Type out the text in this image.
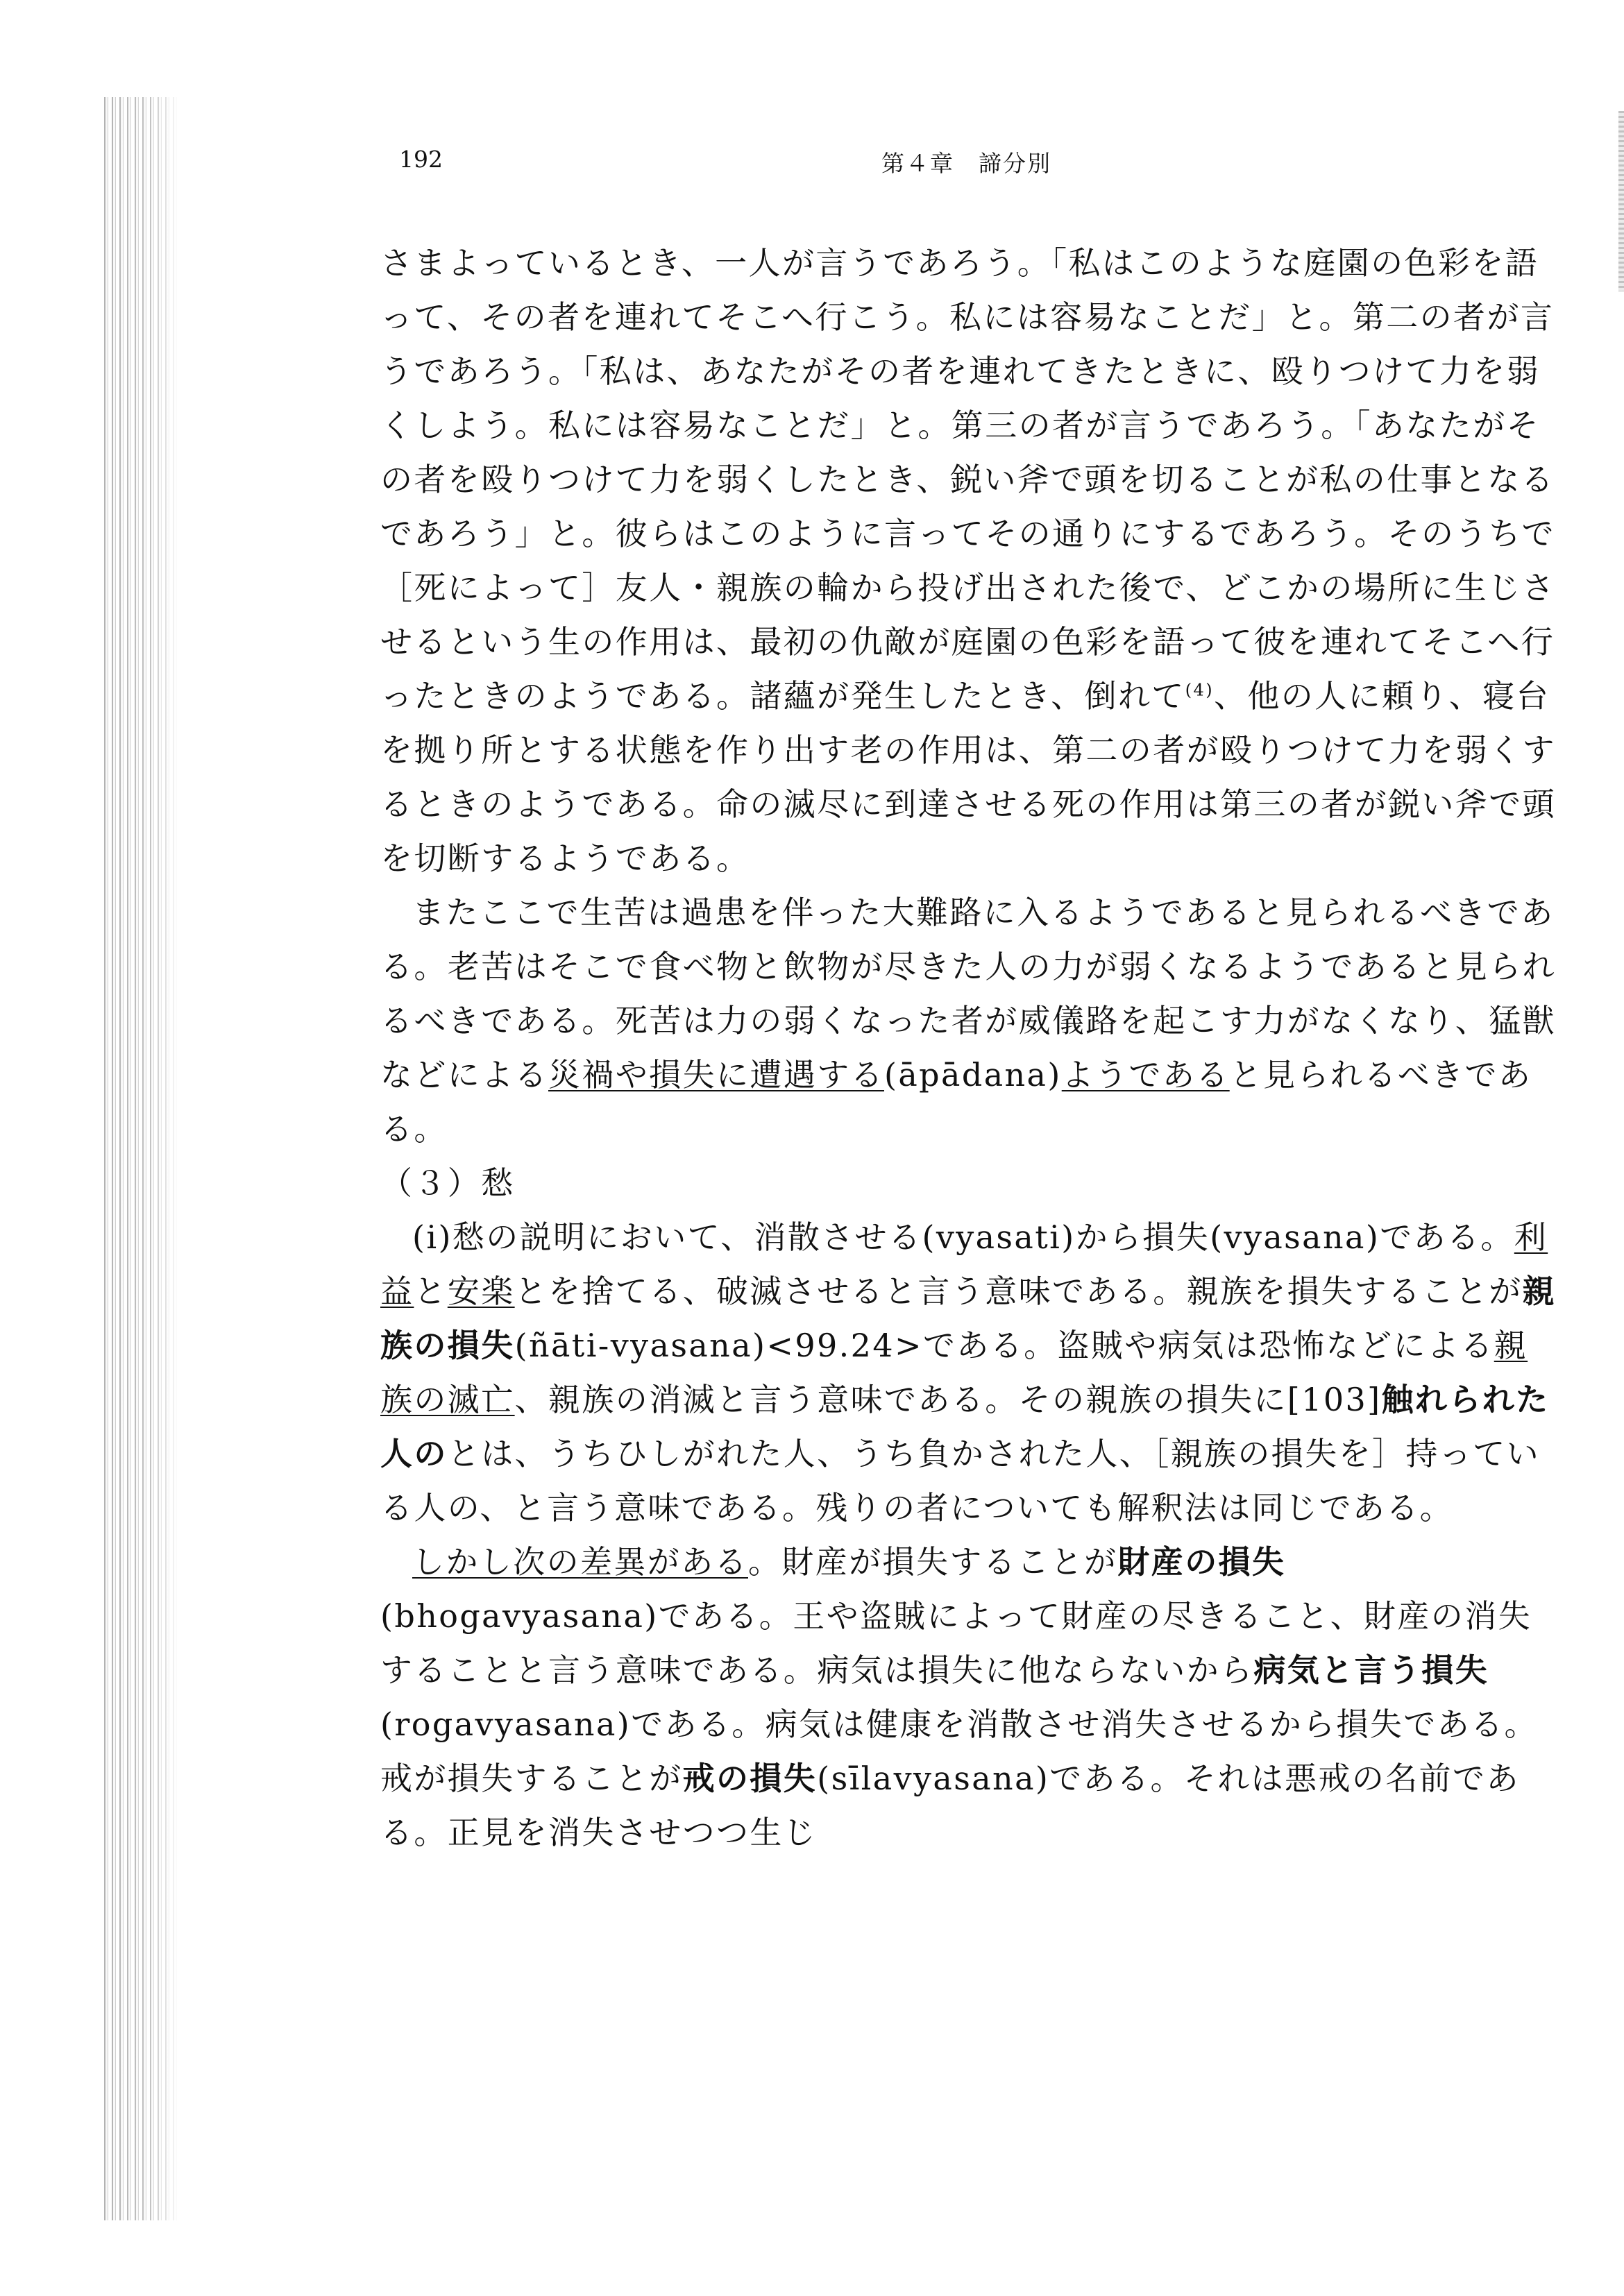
192	第４章　諦分別

さまよっているとき、一人が言うであろう。「私はこのような庭園の色彩を語って、その者を連れてそこへ行こう。私には容易なことだ」と。第二の者が言うであろう。「私は、あなたがその者を連れてきたときに、殴りつけて力を弱くしよう。私には容易なことだ」と。第三の者が言うであろう。「あなたがその者を殴りつけて力を弱くしたとき、鋭い斧で頭を切ることが私の仕事となるであろう」と。彼らはこのように言ってその通りにするであろう。そのうちで［死によって］友人・親族の輪から投げ出された後で、どこかの場所に生じさせるという生の作用は、最初の仇敵が庭園の色彩を語って彼を連れてそこへ行ったときのようである。諸蘊が発生したとき、倒れて$^{(4)}$、他の人に頼り、寝台を拠り所とする状態を作り出す老の作用は、第二の者が殴りつけて力を弱くするときのようである。命の滅尽に到達させる死の作用は第三の者が鋭い斧で頭を切断するようである。

またここで生苦は過患を伴った大難路に入るようであると見られるべきである。老苦はそこで食べ物と飲物が尽きた人の力が弱くなるようであると見られるべきである。死苦は力の弱くなった者が威儀路を起こす力がなくなり、猛獣などによる災禍や損失に遭遇する(āpādana)ようであると見られるべきである。

（３）愁

(i)愁の説明において、消散させる(vyasati)から損失(vyasana)である。利益と安楽とを捨てる、破滅させると言う意味である。親族を損失することが親族の損失(ñāti-vyasana)<99.24>である。盗賊や病気は恐怖などによる親族の滅亡、親族の消滅と言う意味である。その親族の損失に[103]触れられた人のとは、うちひしがれた人、うち負かされた人、［親族の損失を］持っている人の、と言う意味である。残りの者についても解釈法は同じである。

しかし次の差異がある。財産が損失することが財産の損失(bhogavyasana)である。王や盗賊によって財産の尽きること、財産の消失することと言う意味である。病気は損失に他ならないから病気と言う損失(rogavyasana)である。病気は健康を消散させ消失させるから損失である。戒が損失することが戒の損失(sīlavyasana)である。それは悪戒の名前である。正見を消失させつつ生じ
